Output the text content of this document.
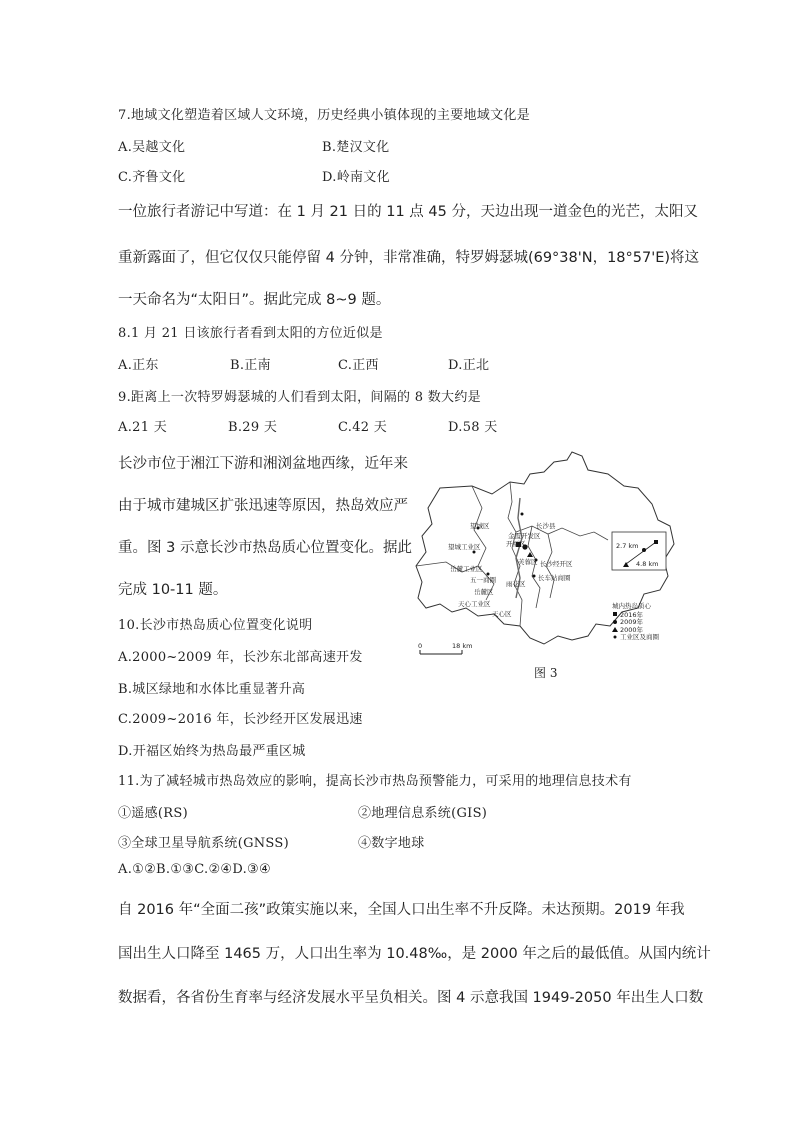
7.地域文化塑造着区域人文环境，历史经典小镇体现的主要地域文化是
A.吴越文化	B.楚汉文化
C.齐鲁文化	D.岭南文化
一位旅行者游记中写道：在 1 月 21 日的 11 点 45 分，天边出现一道金色的光芒，太阳又
重新露面了，但它仅仅只能停留 4 分钟，非常准确，特罗姆瑟城(69°38'N，18°57'E)将这
一天命名为“太阳日”。据此完成 8~9 题。
8.1 月 21 日该旅行者看到太阳的方位近似是
A.正东	B.正南	C.正西	D.正北
9.距离上一次特罗姆瑟城的人们看到太阳，间隔的 8 数大约是
A.21 天	B.29 天	C.42 天	D.58 天
长沙市位于湘江下游和湘浏盆地西缘，近年来
由于城市建城区扩张迅速等原因，热岛效应严
重。图 3 示意长沙市热岛质心位置变化。据此
完成 10-11 题。
望城区	长沙县
金霞开发区
开福区
望城工业区
岳麓工业区
长沙经开区
芙蓉区
长车站商圈
五一商圈
岳麓区
雨花区
天心工业区
天心区
2.7 km
4.8 km
0	18 km
城内热岛质心
2016年
2009年
2000年
工业区及商圈
图 3
10.长沙市热岛质心位置变化说明
A.2000~2009 年，长沙东北部高速开发
B.城区绿地和水体比重显著升高
C.2009~2016 年，长沙经开区发展迅速
D.开福区始终为热岛最严重区城
11.为了减轻城市热岛效应的影响，提高长沙市热岛预警能力，可采用的地理信息技术有
①遥感(RS)	②地理信息系统(GIS)
③全球卫星导航系统(GNSS)	④数字地球
A.①②B.①③C.②④D.③④
自 2016 年“全面二孩”政策实施以来，全国人口出生率不升反降。未达预期。2019 年我
国出生人口降至 1465 万，人口出生率为 10.48‰，是 2000 年之后的最低值。从国内统计
数据看，各省份生育率与经济发展水平呈负相关。图 4 示意我国 1949-2050 年出生人口数
